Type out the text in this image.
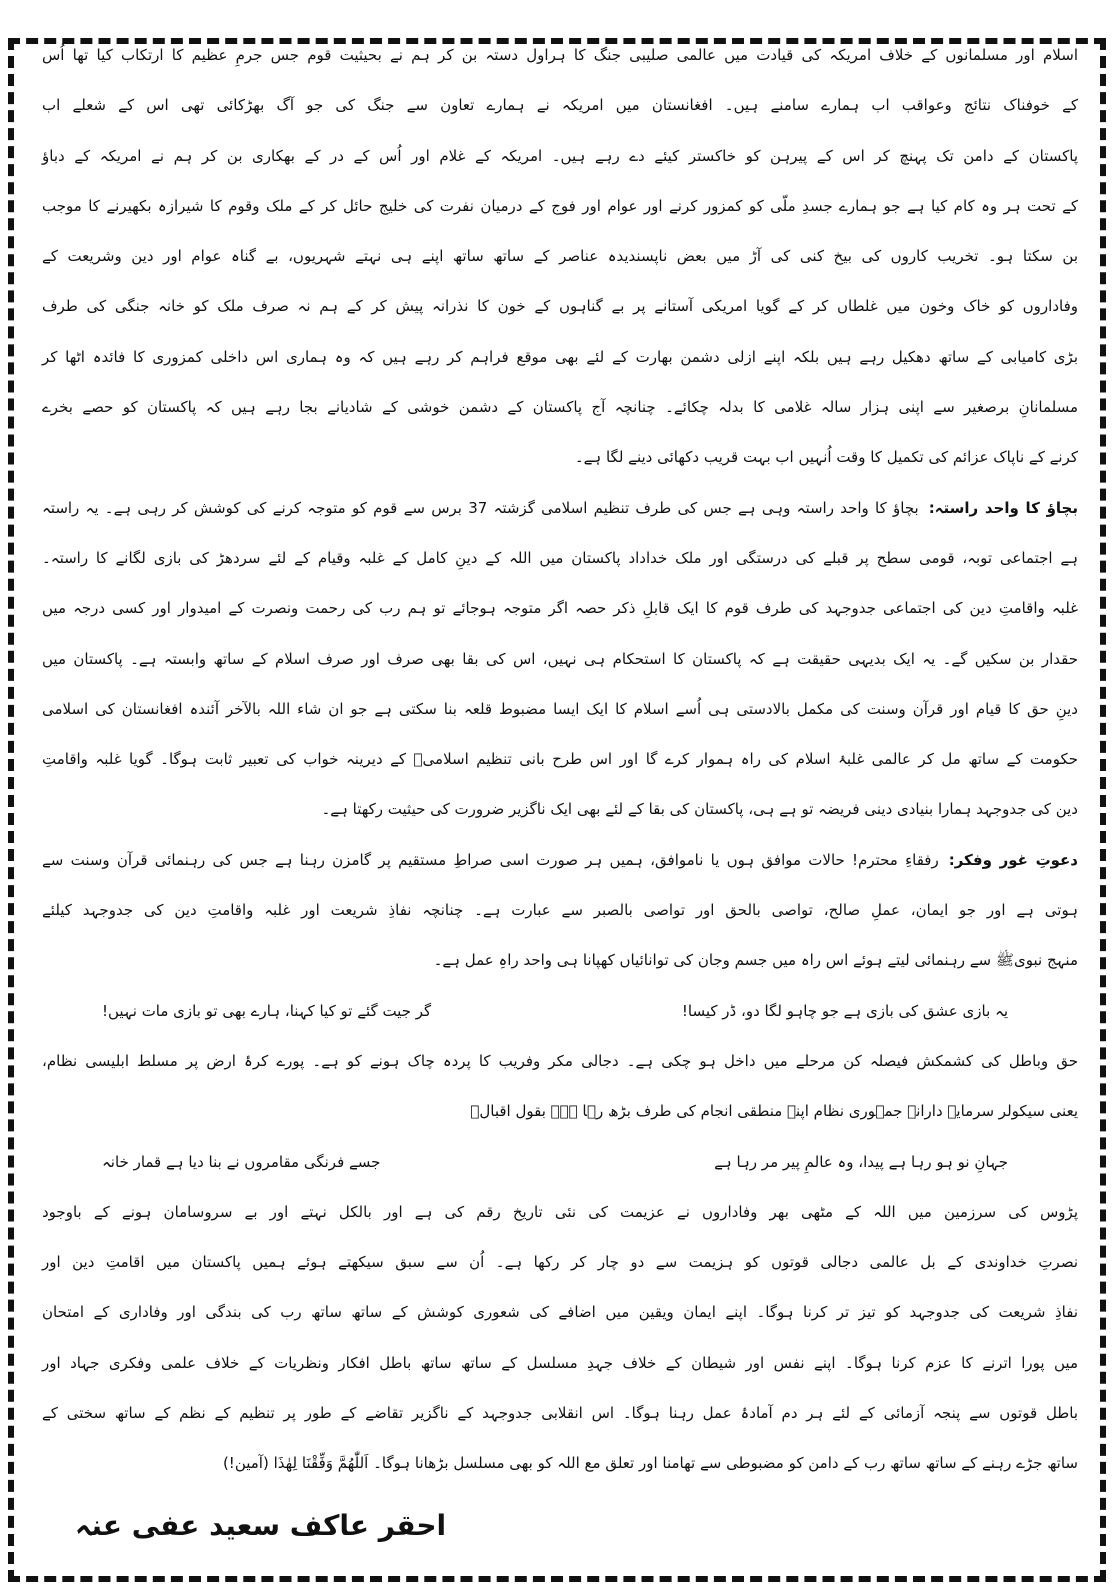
اسلام اور مسلمانوں کے خلاف امریکہ کی قیادت میں عالمی صلیبی جنگ کا ہراول دستہ بن کر ہم نے بحیثیت قوم جس جرمِ عظیم کا ارتکاب کیا تھا اُس
کے خوفناک نتائج وعواقب اب ہمارے سامنے ہیں۔ افغانستان میں امریکہ نے ہمارے تعاون سے جنگ کی جو آگ بھڑکائی تھی اس کے شعلے اب
پاکستان کے دامن تک پہنچ کر اس کے پیرہن کو خاکستر کیئے دے رہے ہیں۔ امریکہ کے غلام اور اُس کے در کے بھکاری بن کر ہم نے امریکہ کے دباؤ
کے تحت ہر وہ کام کیا ہے جو ہمارے جسدِ ملّی کو کمزور کرنے اور عوام اور فوج کے درمیان نفرت کی خلیج حائل کر کے ملک وقوم کا شیرازہ بکھیرنے کا موجب
بن سکتا ہو۔ تخریب کاروں کی بیخ کنی کی آڑ میں بعض ناپسندیدہ عناصر کے ساتھ ساتھ اپنے ہی نہتے شہریوں، بے گناہ عوام اور دین وشریعت کے
وفاداروں کو خاک وخون میں غلطاں کر کے گویا امریکی آستانے پر بے گناہوں کے خون کا نذرانہ پیش کر کے ہم نہ صرف ملک کو خانہ جنگی کی طرف
بڑی کامیابی کے ساتھ دھکیل رہے ہیں بلکہ اپنے ازلی دشمن بھارت کے لئے بھی موقع فراہم کر رہے ہیں کہ وہ ہماری اس داخلی کمزوری کا فائدہ اٹھا کر
مسلمانانِ برصغیر سے اپنی ہزار سالہ غلامی کا بدلہ چکائے۔ چنانچہ آج پاکستان کے دشمن خوشی کے شادیانے بجا رہے ہیں کہ پاکستان کو حصے بخرے
کرنے کے ناپاک عزائم کی تکمیل کا وقت اُنہیں اب بہت قریب دکھائی دینے لگا ہے۔
بچاؤ کا واحد راستہ:بچاؤ کا واحد راستہ وہی ہے جس کی طرف تنظیم اسلامی گزشتہ 37 برس سے قوم کو متوجہ کرنے کی کوشش کر رہی ہے۔ یہ راستہ
ہے اجتماعی توبہ، قومی سطح پر قبلے کی درستگی اور ملک خداداد پاکستان میں اللہ کے دینِ کامل کے غلبہ وقیام کے لئے سردھڑ کی بازی لگانے کا راستہ۔
غلبہ واقامتِ دین کی اجتماعی جدوجہد کی طرف قوم کا ایک قابلِ ذکر حصہ اگر متوجہ ہوجائے تو ہم رب کی رحمت ونصرت کے امیدوار اور کسی درجہ میں
حقدار بن سکیں گے۔ یہ ایک بدیہی حقیقت ہے کہ پاکستان کا استحکام ہی نہیں، اس کی بقا بھی صرف اور صرف اسلام کے ساتھ وابستہ ہے۔ پاکستان میں
دینِ حق کا قیام اور قرآن وسنت کی مکمل بالادستی ہی اُسے اسلام کا ایک ایسا مضبوط قلعہ بنا سکتی ہے جو ان شاء اللہ بالآخر آئندہ افغانستان کی اسلامی
حکومت کے ساتھ مل کر عالمی غلبۂ اسلام کی راہ ہموار کرے گا اور اس طرح بانی تنظیم اسلامیؒ کے دیرینہ خواب کی تعبیر ثابت ہوگا۔ گویا غلبہ واقامتِ
دین کی جدوجہد ہمارا بنیادی دینی فریضہ تو ہے ہی، پاکستان کی بقا کے لئے بھی ایک ناگزیر ضرورت کی حیثیت رکھتا ہے۔
دعوتِ غور وفکر:رفقاءِ محترم! حالات موافق ہوں یا ناموافق، ہمیں ہر صورت اسی صراطِ مستقیم پر گامزن رہنا ہے جس کی رہنمائی قرآن وسنت سے
ہوتی ہے اور جو ایمان، عملِ صالح، تواصی بالحق اور تواصی بالصبر سے عبارت ہے۔ چنانچہ نفاذِ شریعت اور غلبہ واقامتِ دین کی جدوجہد کیلئے
منہج نبویﷺ سے رہنمائی لیتے ہوئے اس راہ میں جسم وجان کی توانائیاں کھپانا ہی واحد راہِ عمل ہے۔
یہ بازی عشق کی بازی ہے جو چاہو لگا دو، ڈر کیسا!
گر جیت گئے تو کیا کہنا، ہارے بھی تو بازی مات نہیں!
حق وباطل کی کشمکش فیصلہ کن مرحلے میں داخل ہو چکی ہے۔ دجالی مکر وفریب کا پردہ چاک ہونے کو ہے۔ پورے کرۂ ارض پر مسلط ابلیسی نظام،
یعنی سیکولر سرمایہ دارانہ جمہوری نظام اپنے منطقی انجام کی طرف بڑھ رہا ہے۔ بقول اقبالؒ
جہانِ نو ہو رہا ہے پیدا، وہ عالمِ پیر مر رہا ہے
جسے فرنگی مقامروں نے بنا دیا ہے قمار خانہ
پڑوس کی سرزمین میں اللہ کے مٹھی بھر وفاداروں نے عزیمت کی نئی تاریخ رقم کی ہے اور بالکل نہتے اور بے سروسامان ہونے کے باوجود
نصرتِ خداوندی کے بل عالمی دجالی قوتوں کو ہزیمت سے دو چار کر رکھا ہے۔ اُن سے سبق سیکھتے ہوئے ہمیں پاکستان میں اقامتِ دین اور
نفاذِ شریعت کی جدوجہد کو تیز تر کرنا ہوگا۔ اپنے ایمان ویقین میں اضافے کی شعوری کوشش کے ساتھ ساتھ رب کی بندگی اور وفاداری کے امتحان
میں پورا اترنے کا عزم کرنا ہوگا۔ اپنے نفس اور شیطان کے خلاف جہدِ مسلسل کے ساتھ ساتھ باطل افکار ونظریات کے خلاف علمی وفکری جہاد اور
باطل قوتوں سے پنجہ آزمائی کے لئے ہر دم آمادۂ عمل رہنا ہوگا۔ اس انقلابی جدوجہد کے ناگزیر تقاضے کے طور پر تنظیم کے نظم کے ساتھ سختی کے
ساتھ جڑے رہنے کے ساتھ ساتھ رب کے دامن کو مضبوطی سے تھامنا اور تعلق مع اللہ کو بھی مسلسل بڑھانا ہوگا۔ اَللّٰھُمَّ وَفِّقْنَا لِھٰذَا (آمین!)
احقر عاکف سعید عفی عنہ
